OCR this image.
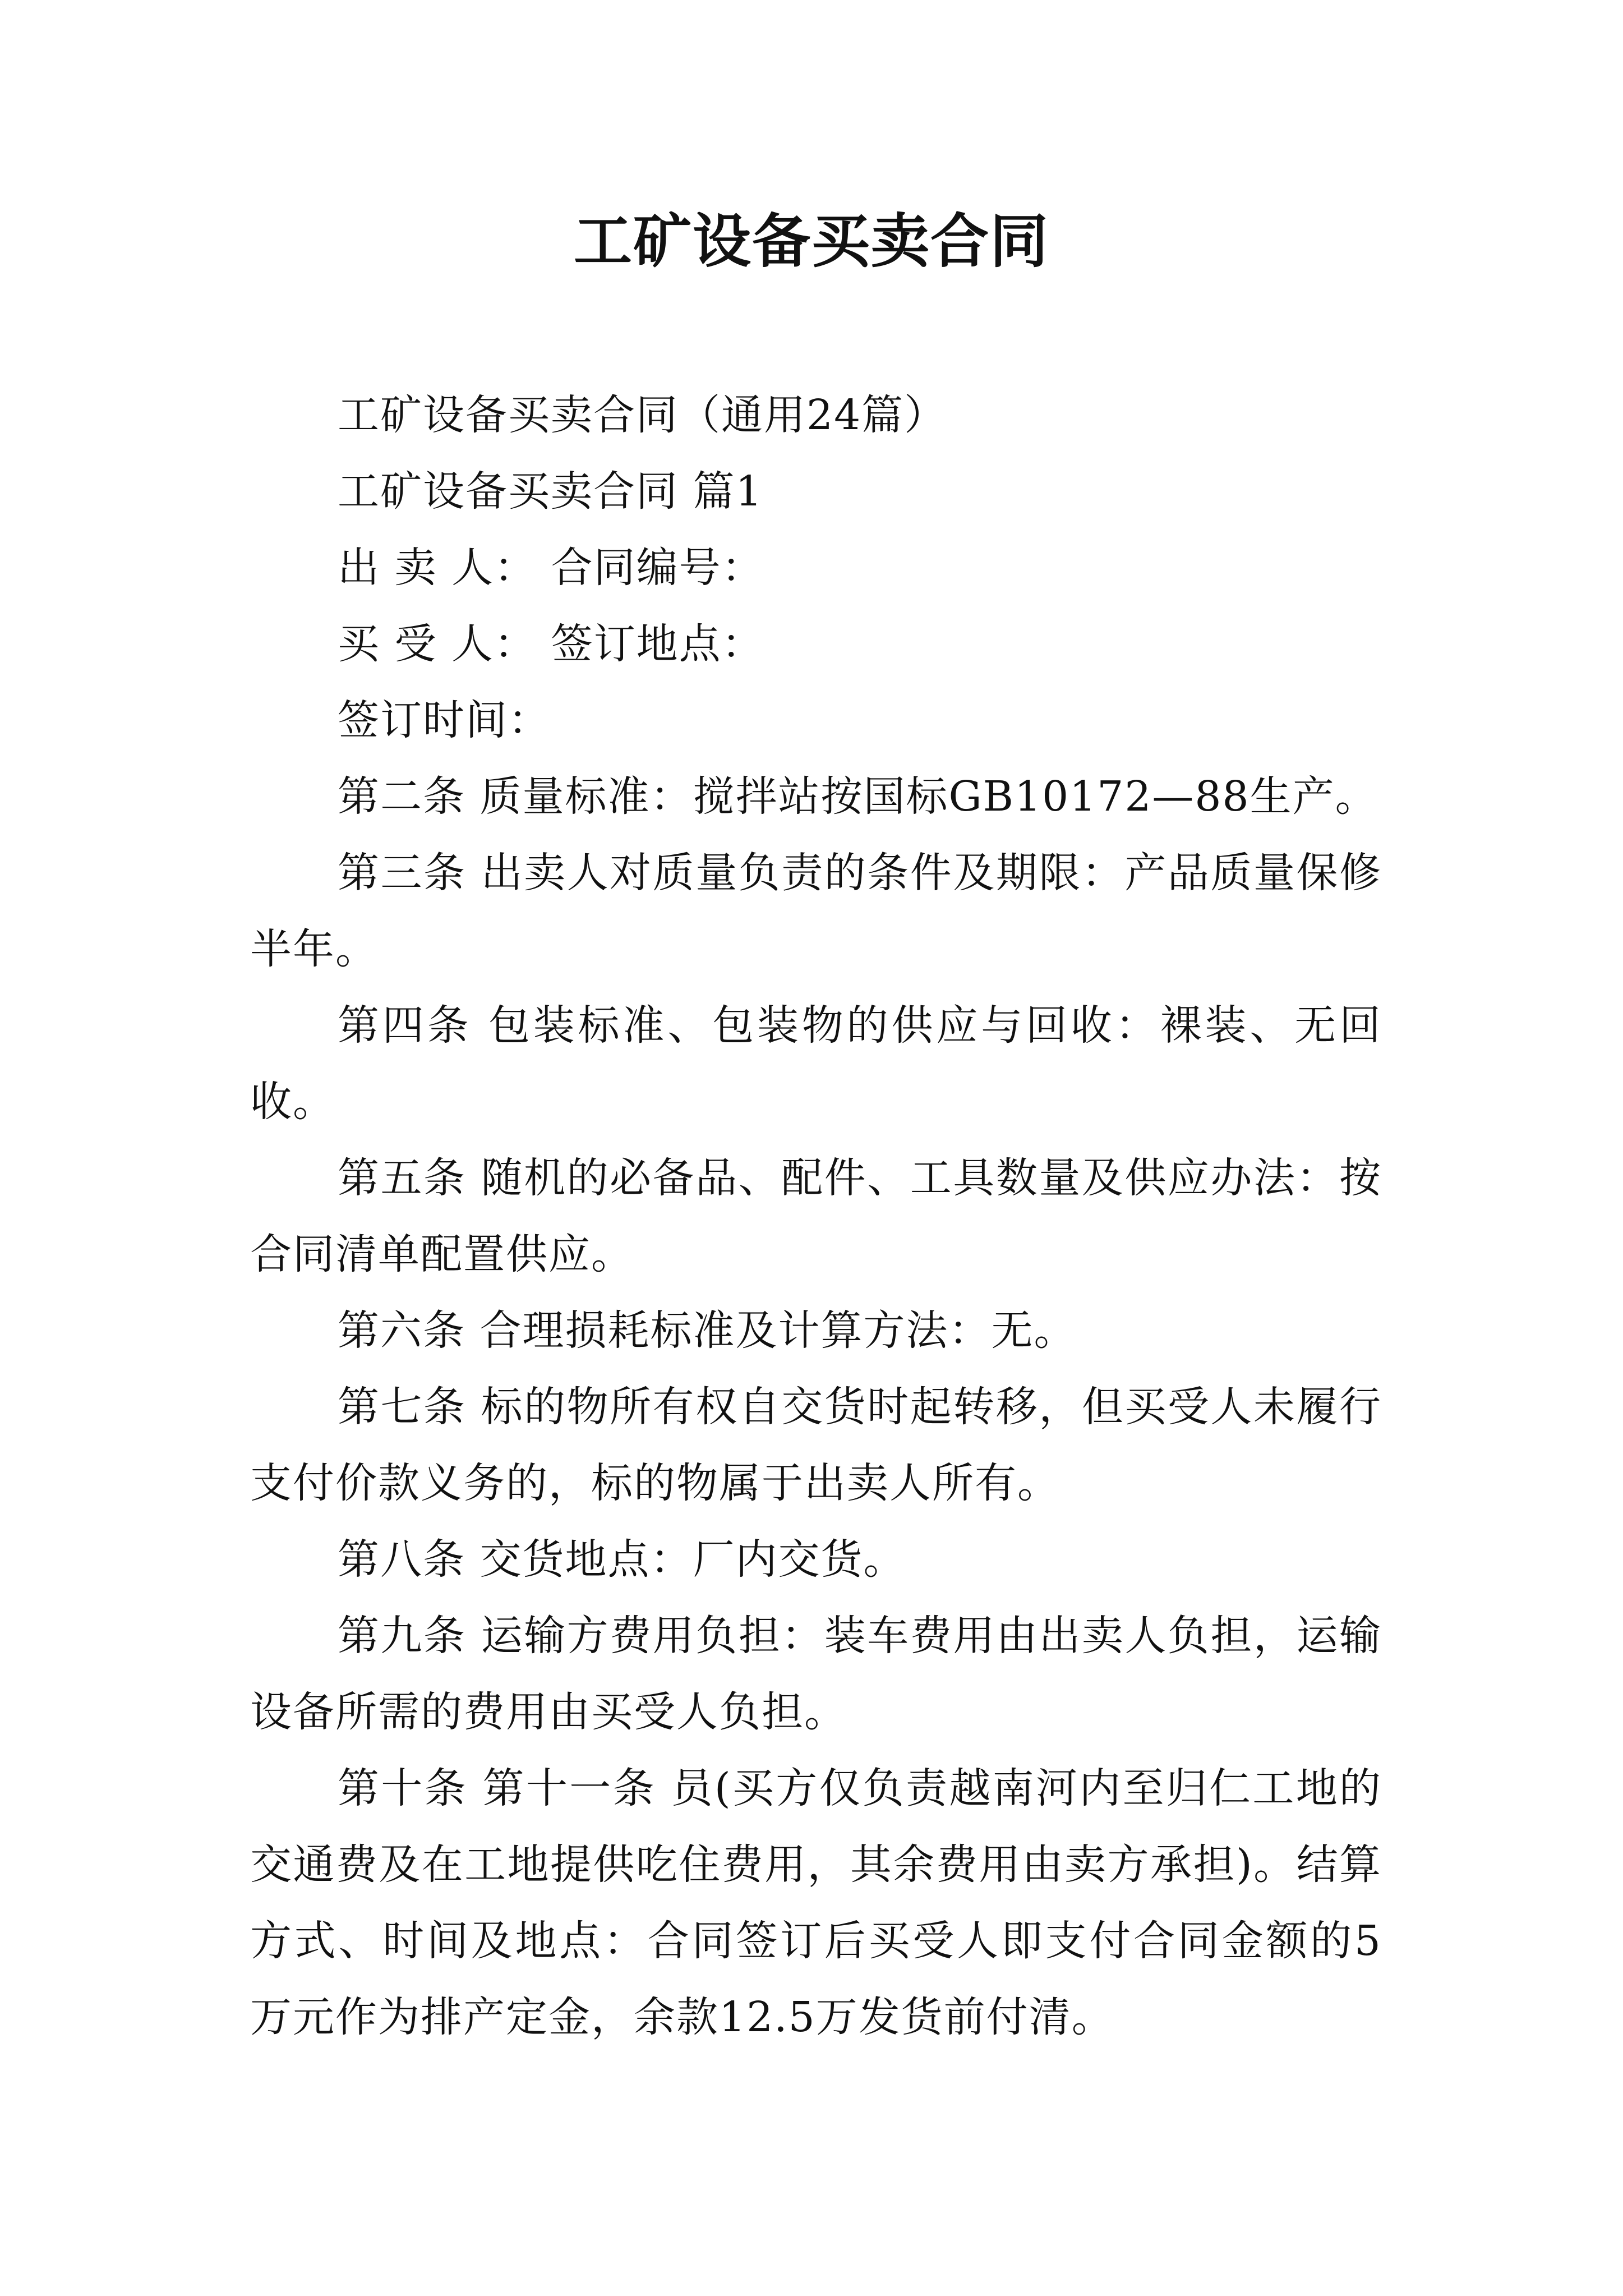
工矿设备买卖合同

工矿设备买卖合同（通用24篇）

工矿设备买卖合同 篇1

出 卖 人： 合同编号：

买 受 人： 签订地点：

签订时间：

第二条 质量标准：搅拌站按国标GB10172—88生产。

第三条 出卖人对质量负责的条件及期限：产品质量保修半年。

第四条 包装标准、包装物的供应与回收：裸装、无回收。

第五条 随机的必备品、配件、工具数量及供应办法：按合同清单配置供应。

第六条 合理损耗标准及计算方法：无。

第七条 标的物所有权自交货时起转移，但买受人未履行支付价款义务的，标的物属于出卖人所有。

第八条 交货地点：厂内交货。

第九条 运输方费用负担：装车费用由出卖人负担，运输设备所需的费用由买受人负担。

第十条 第十一条 员(买方仅负责越南河内至归仁工地的交通费及在工地提供吃住费用，其余费用由卖方承担)。结算方式、时间及地点：合同签订后买受人即支付合同金额的5万元作为排产定金，余款12.5万发货前付清。
